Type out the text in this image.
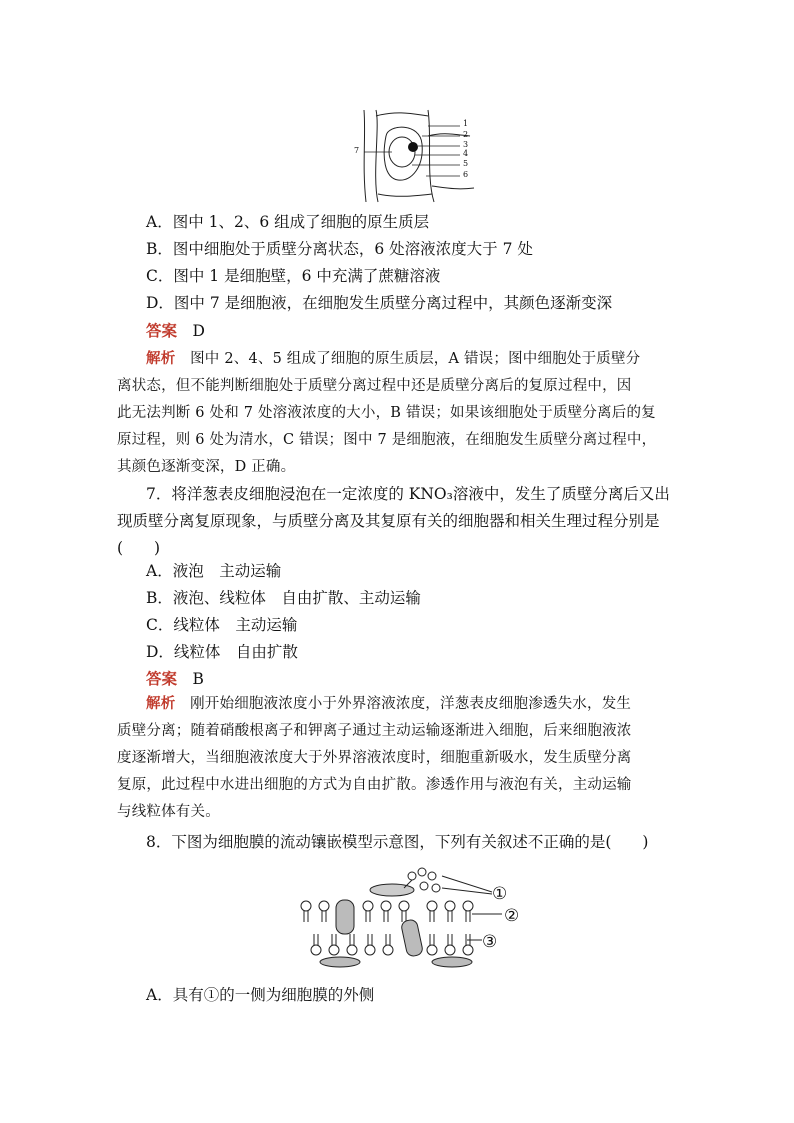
1
2
3
4
5
6
7
A．图中 1、2、6 组成了细胞的原生质层
B．图中细胞处于质壁分离状态，6 处溶液浓度大于 7 处
C．图中 1 是细胞壁，6 中充满了蔗糖溶液
D．图中 7 是细胞液，在细胞发生质壁分离过程中，其颜色逐渐变深
答案　 D
解析　 图中 2、4、5 组成了细胞的原生质层，A 错误；图中细胞处于质壁分
离状态，但不能判断细胞处于质壁分离过程中还是质壁分离后的复原过程中，因
此无法判断 6 处和 7 处溶液浓度的大小，B 错误；如果该细胞处于质壁分离后的复
原过程，则 6 处为清水，C 错误；图中 7 是细胞液，在细胞发生质壁分离过程中，
其颜色逐渐变深，D 正确。
7．将洋葱表皮细胞浸泡在一定浓度的 KNO₃溶液中，发生了质壁分离后又出
现质壁分离复原现象，与质壁分离及其复原有关的细胞器和相关生理过程分别是
(　　)
A．液泡　主动运输
B．液泡、线粒体　自由扩散、主动运输
C．线粒体　主动运输
D．线粒体　自由扩散
答案　 B
解析　 刚开始细胞液浓度小于外界溶液浓度，洋葱表皮细胞渗透失水，发生
质壁分离；随着硝酸根离子和钾离子通过主动运输逐渐进入细胞，后来细胞液浓
度逐渐增大，当细胞液浓度大于外界溶液浓度时，细胞重新吸水，发生质壁分离
复原，此过程中水进出细胞的方式为自由扩散。渗透作用与液泡有关，主动运输
与线粒体有关。
8．下图为细胞膜的流动镶嵌模型示意图，下列有关叙述不正确的是(　　)
①
②
③
A．具有①的一侧为细胞膜的外侧
